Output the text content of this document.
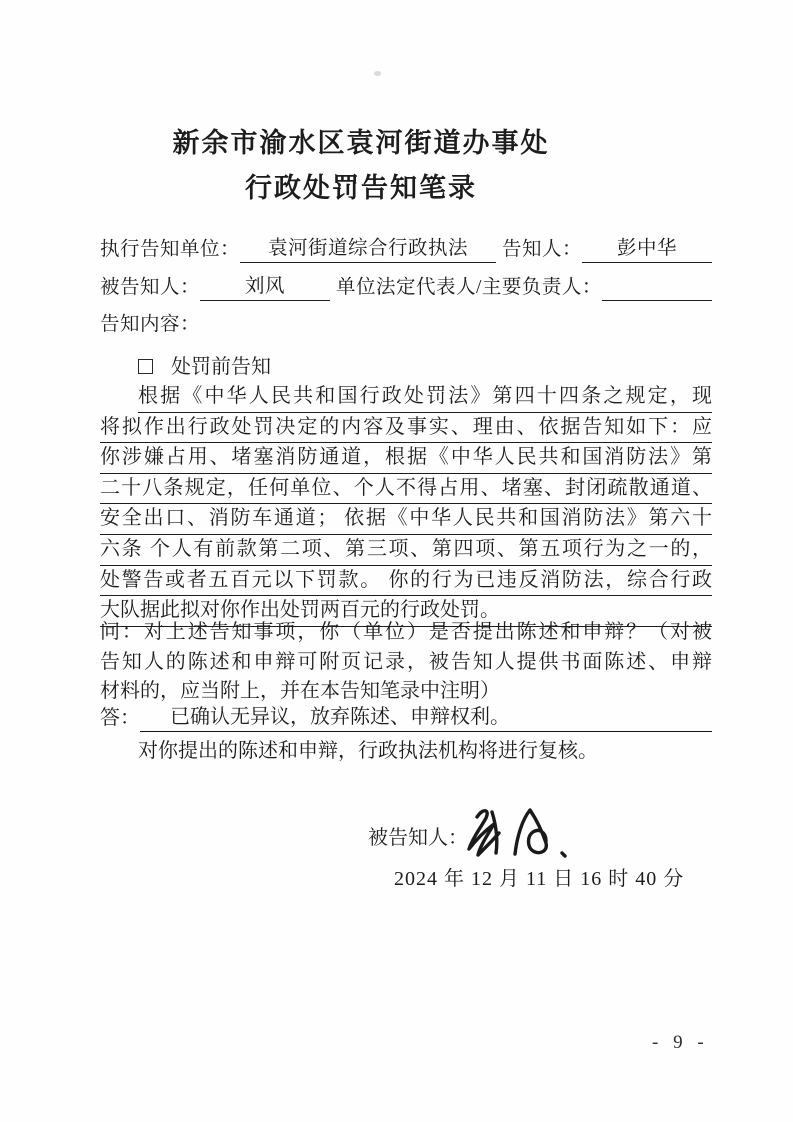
新余市渝水区袁河街道办事处
行政处罚告知笔录
执行告知单位：	袁河街道综合行政执法	告知人：	彭中华
被告知人：	刘风	单位法定代表人/主要负责人：
告知内容：
处罚前告知
根据《中华人民共和国行政处罚法》第四十四条之规定，现
将拟作出行政处罚决定的内容及事实、理由、依据告知如下：应
你涉嫌占用、堵塞消防通道，根据《中华人民共和国消防法》第
二十八条规定，任何单位、个人不得占用、堵塞、封闭疏散通道、
安全出口、消防车通道； 依据《中华人民共和国消防法》第六十
六条 个人有前款第二项、第三项、第四项、第五项行为之一的，
处警告或者五百元以下罚款。 你的行为已违反消防法，综合行政
大队据此拟对你作出处罚两百元的行政处罚。
问：对上述告知事项，你（单位）是否提出陈述和申辩？（对被
告知人的陈述和申辩可附页记录，被告知人提供书面陈述、申辩
材料的，应当附上，并在本告知笔录中注明）
答：	已确认无异议，放弃陈述、申辩权利。
对你提出的陈述和申辩，行政执法机构将进行复核。
被告知人：
2024 年 12 月 11 日 16 时 40 分
- 9 -
